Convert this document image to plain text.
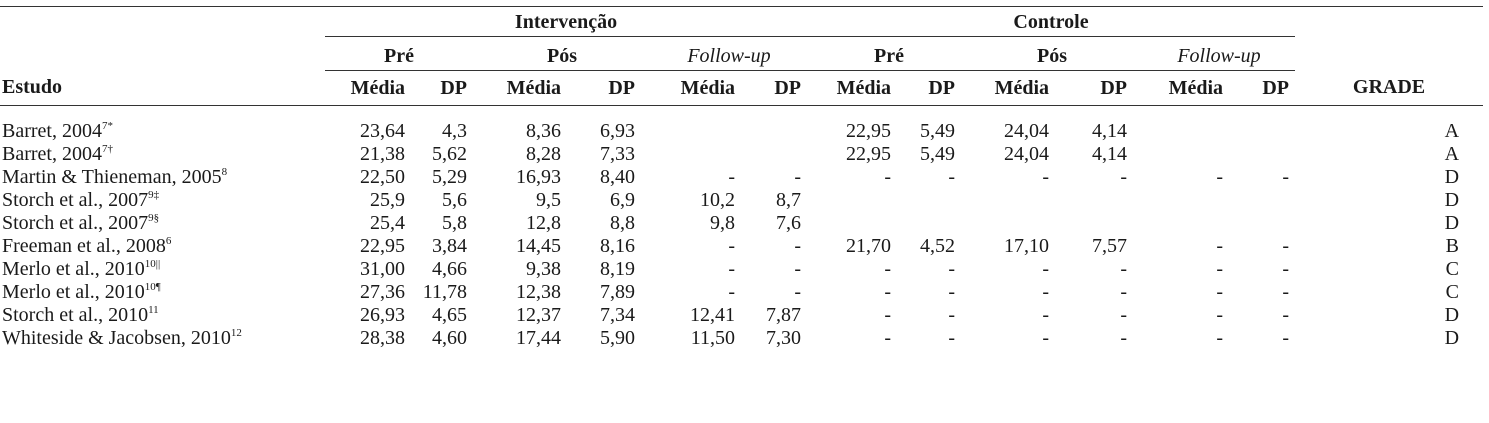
	Intervenção						Controle						
	Pré		Pós		Follow-up		Pré		Pós		Follow-up		
Estudo	Média	DP	Média	DP	Média	DP	Média	DP	Média	DP	Média	DP	GRADE
Barret, $2004^{7*}$	23,64	4,3	8,36	6,93			22,95	5,49	24,04	4,14			A
Barret, $2004^{7\dagger}$	21,38	5,62	8,28	7,33			22,95	5,49	24,04	4,14			A
Martin & Thieneman, 2005$^8$	22,50	5,29	16,93	8,40	-	-	-	-	-	-	-	-	D
Storch et al., $2007^{9\ddagger}$	25,9	5,6	9,5	6,9	10,2	8,7							D
Storch et al., $2007^{9\S}$	25,4	5,8	12,8	8,8	9,8	7,6							D
Freeman et al., 2008$^6$	22,95	3,84	14,45	8,16	-	-	21,70	4,52	17,10	7,57	-	-	B
Merlo et al., $2010^{10||}$	31,00	4,66	9,38	8,19	-	-	-	-	-	-	-	-	C
Merlo et al., $2010^{10\P}$	27,36	11,78	12,38	7,89	-	-	-	-	-	-	-	-	C
Storch et al., 2010$^{11}$	26,93	4,65	12,37	7,34	12,41	7,87	-	-	-	-	-	-	D
Whiteside & Jacobsen, 2010$^{12}$	28,38	4,60	17,44	5,90	11,50	7,30	-	-	-	-	-	-	D
